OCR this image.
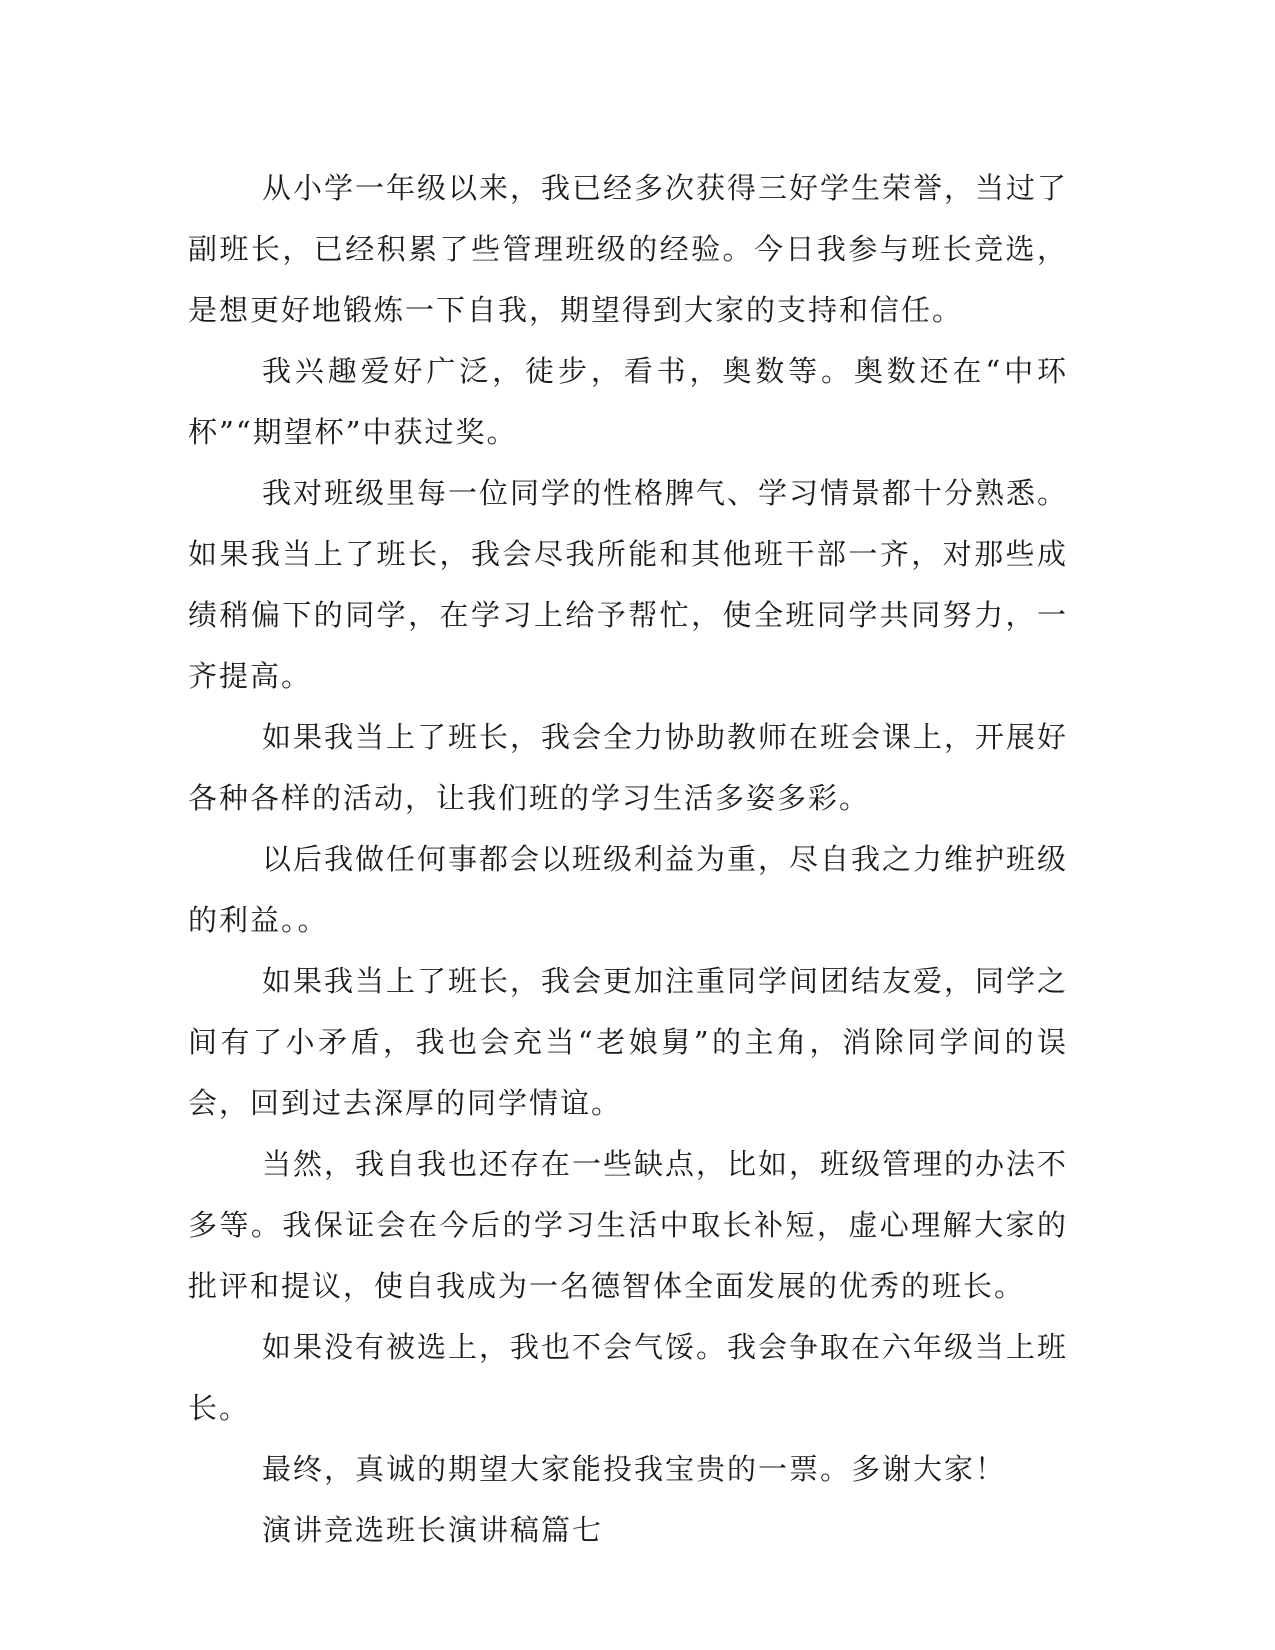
从小学一年级以来，我已经多次获得三好学生荣誉，当过了副班长，已经积累了些管理班级的经验。今日我参与班长竞选，是想更好地锻炼一下自我，期望得到大家的支持和信任。

我兴趣爱好广泛，徒步，看书，奥数等。奥数还在“中环杯”“期望杯”中获过奖。

我对班级里每一位同学的性格脾气、学习情景都十分熟悉。如果我当上了班长，我会尽我所能和其他班干部一齐，对那些成绩稍偏下的同学，在学习上给予帮忙，使全班同学共同努力，一齐提高。

如果我当上了班长，我会全力协助教师在班会课上，开展好各种各样的活动，让我们班的学习生活多姿多彩。

以后我做任何事都会以班级利益为重，尽自我之力维护班级的利益。。

如果我当上了班长，我会更加注重同学间团结友爱，同学之间有了小矛盾，我也会充当“老娘舅”的主角，消除同学间的误会，回到过去深厚的同学情谊。

当然，我自我也还存在一些缺点，比如，班级管理的办法不多等。我保证会在今后的学习生活中取长补短，虚心理解大家的批评和提议，使自我成为一名德智体全面发展的优秀的班长。

如果没有被选上，我也不会气馁。我会争取在六年级当上班长。

最终，真诚的期望大家能投我宝贵的一票。多谢大家！

演讲竞选班长演讲稿篇七
